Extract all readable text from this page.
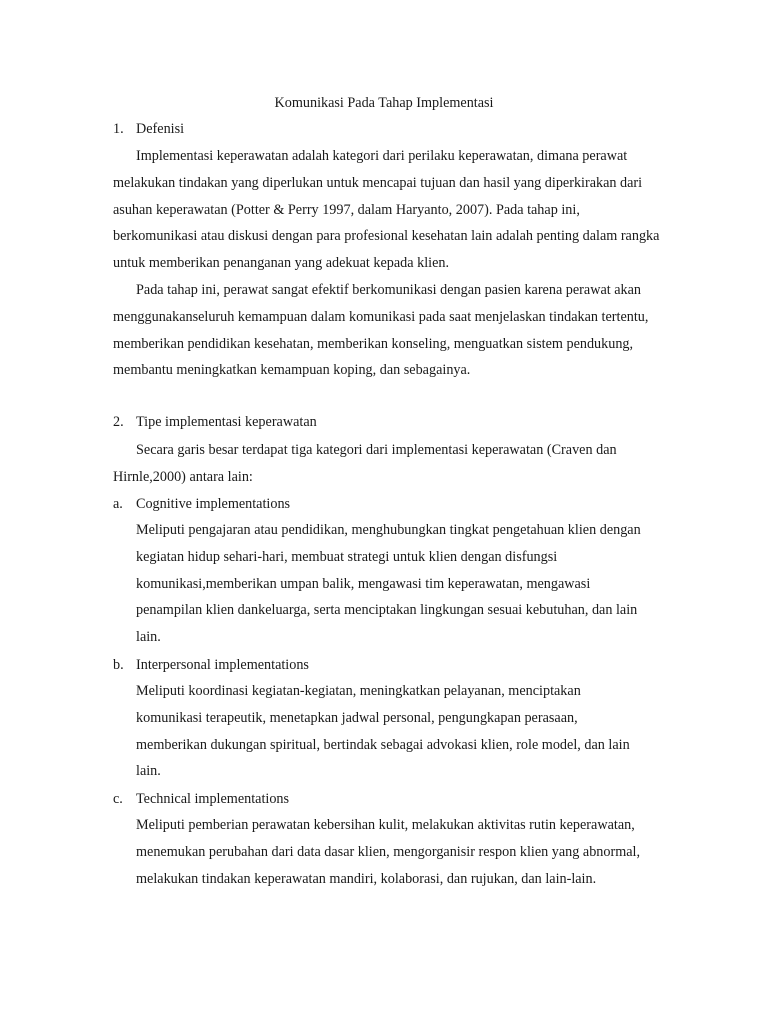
Komunikasi Pada Tahap Implementasi
1. Defenisi
Implementasi keperawatan adalah kategori dari perilaku keperawatan, dimana perawat
melakukan tindakan yang diperlukan untuk mencapai tujuan dan hasil yang diperkirakan dari
asuhan keperawatan (Potter & Perry 1997, dalam Haryanto, 2007). Pada tahap ini,
berkomunikasi atau diskusi dengan para profesional kesehatan lain adalah penting dalam rangka
untuk memberikan penanganan yang adekuat kepada klien.
Pada tahap ini, perawat sangat efektif berkomunikasi dengan pasien karena perawat akan
menggunakanseluruh kemampuan dalam komunikasi pada saat menjelaskan tindakan tertentu,
memberikan pendidikan kesehatan, memberikan konseling, menguatkan sistem pendukung,
membantu meningkatkan kemampuan koping, dan sebagainya.
2. Tipe implementasi keperawatan
Secara garis besar terdapat tiga kategori dari implementasi keperawatan (Craven dan
Hirnle,2000) antara lain:
a. Cognitive implementations
Meliputi pengajaran atau pendidikan, menghubungkan tingkat pengetahuan klien dengan
kegiatan hidup sehari-hari, membuat strategi untuk klien dengan disfungsi
komunikasi,memberikan umpan balik, mengawasi tim keperawatan, mengawasi
penampilan klien dankeluarga, serta menciptakan lingkungan sesuai kebutuhan, dan lain
lain.
b. Interpersonal implementations
Meliputi koordinasi kegiatan-kegiatan, meningkatkan pelayanan, menciptakan
komunikasi terapeutik, menetapkan jadwal personal, pengungkapan perasaan,
memberikan dukungan spiritual, bertindak sebagai advokasi klien, role model, dan lain
lain.
c. Technical implementations
Meliputi pemberian perawatan kebersihan kulit, melakukan aktivitas rutin keperawatan,
menemukan perubahan dari data dasar klien, mengorganisir respon klien yang abnormal,
melakukan tindakan keperawatan mandiri, kolaborasi, dan rujukan, dan lain-lain.
